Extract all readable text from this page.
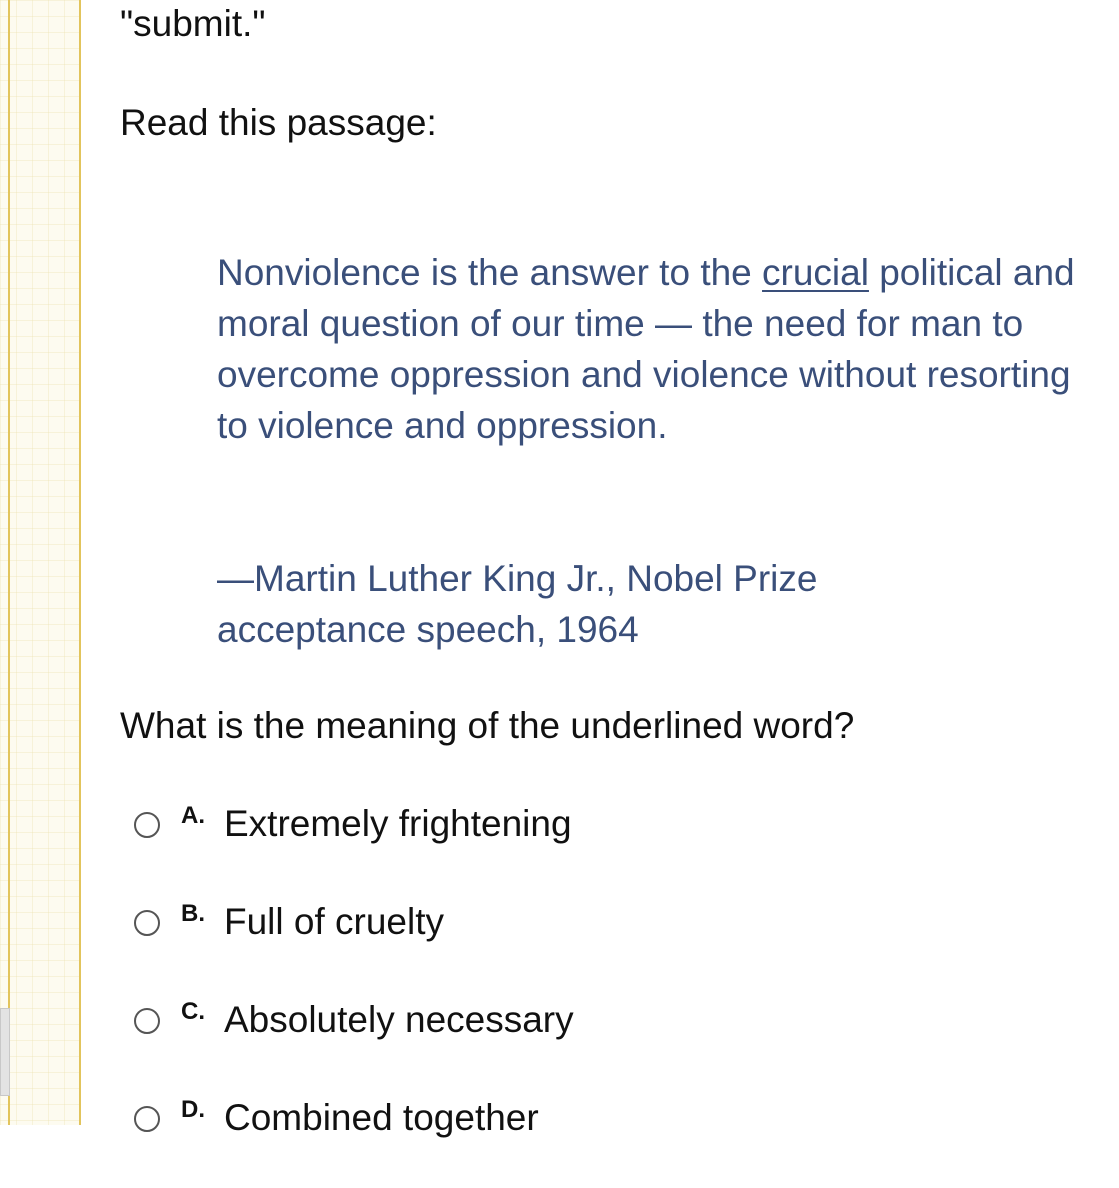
"submit."

Read this passage:

Nonviolence is the answer to the crucial political and moral question of our time — the need for man to overcome oppression and violence without resorting to violence and oppression.

—Martin Luther King Jr., Nobel Prize

acceptance speech, 1964

What is the meaning of the underlined word?

A. Extremely frightening
B. Full of cruelty
C. Absolutely necessary
D. Combined together
